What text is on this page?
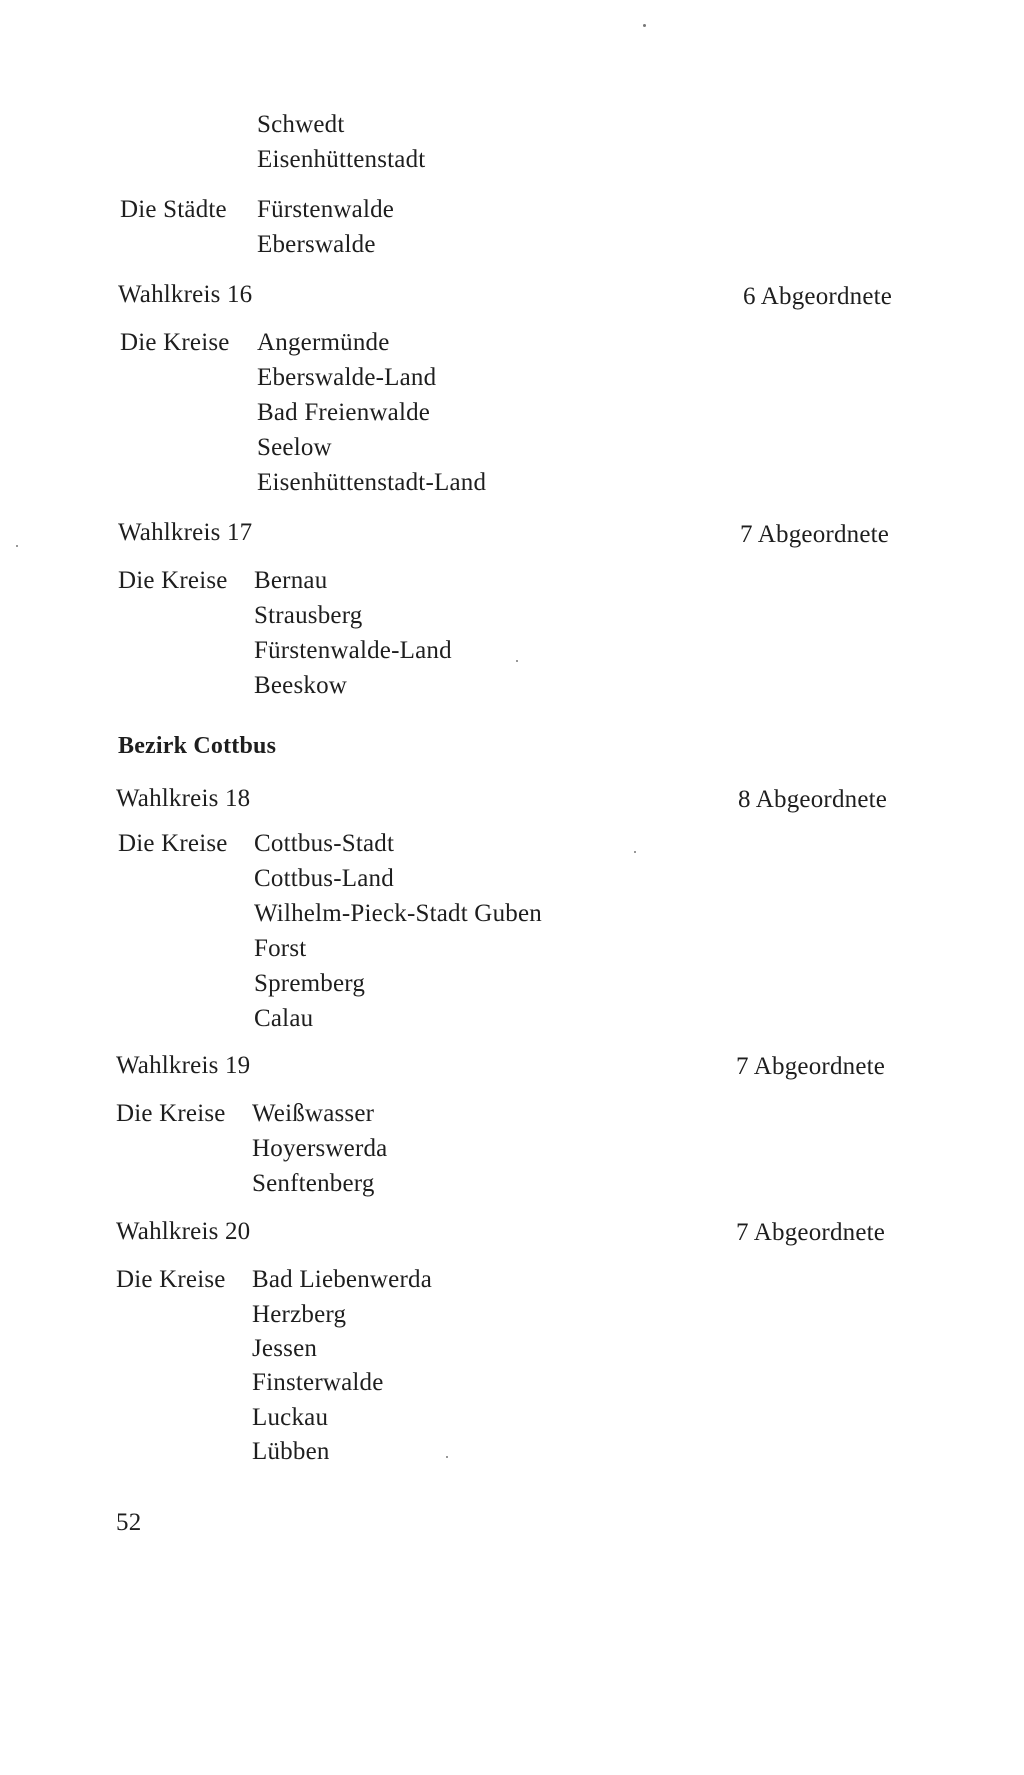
Schwedt
Eisenhüttenstadt
Die Städte Fürstenwalde
Eberswalde
Wahlkreis 16	6 Abgeordnete
Die Kreise Angermünde
Eberswalde-Land
Bad Freienwalde
Seelow
Eisenhüttenstadt-Land
Wahlkreis 17	7 Abgeordnete
Die Kreise Bernau
Strausberg
Fürstenwalde-Land
Beeskow
Bezirk Cottbus
Wahlkreis 18	8 Abgeordnete
Die Kreise Cottbus-Stadt
Cottbus-Land
Wilhelm-Pieck-Stadt Guben
Forst
Spremberg
Calau
Wahlkreis 19	7 Abgeordnete
Die Kreise Weißwasser
Hoyerswerda
Senftenberg
Wahlkreis 20	7 Abgeordnete
Die Kreise Bad Liebenwerda
Herzberg
Jessen
Finsterwalde
Luckau
Lübben
52
